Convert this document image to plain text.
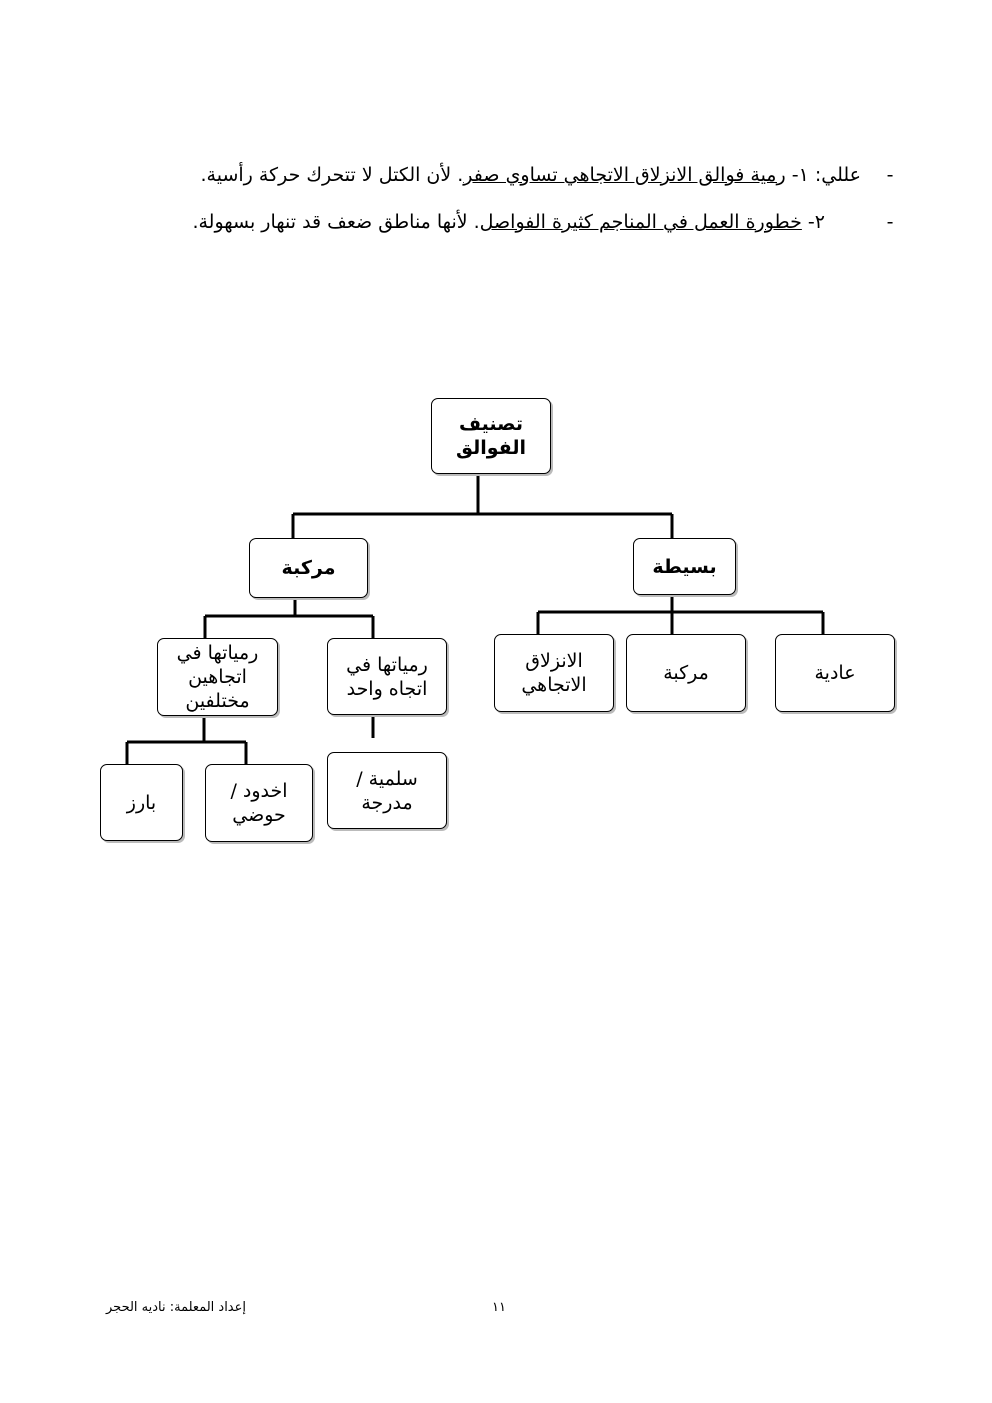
-
عللي: ١- رمية فوالق الانزلاق الاتجاهي تساوي صفر. لأن الكتل لا تتحرك حركة رأسية.
-
٢- خطورة العمل في المناجم كثيرة الفواصل. لأنها مناطق ضعف قد تنهار بسهولة.
تصنيف الفوالق
بسيطة
مركبة
الانزلاق الاتجاهي
مركبة	عادية
رمياتها في اتجاه واحد
رمياتها في اتجاهين مختلفين
سلمية / مدرجة
اخدود / حوضي
بارز
١١
إعداد المعلمة: ناديه الحجر
